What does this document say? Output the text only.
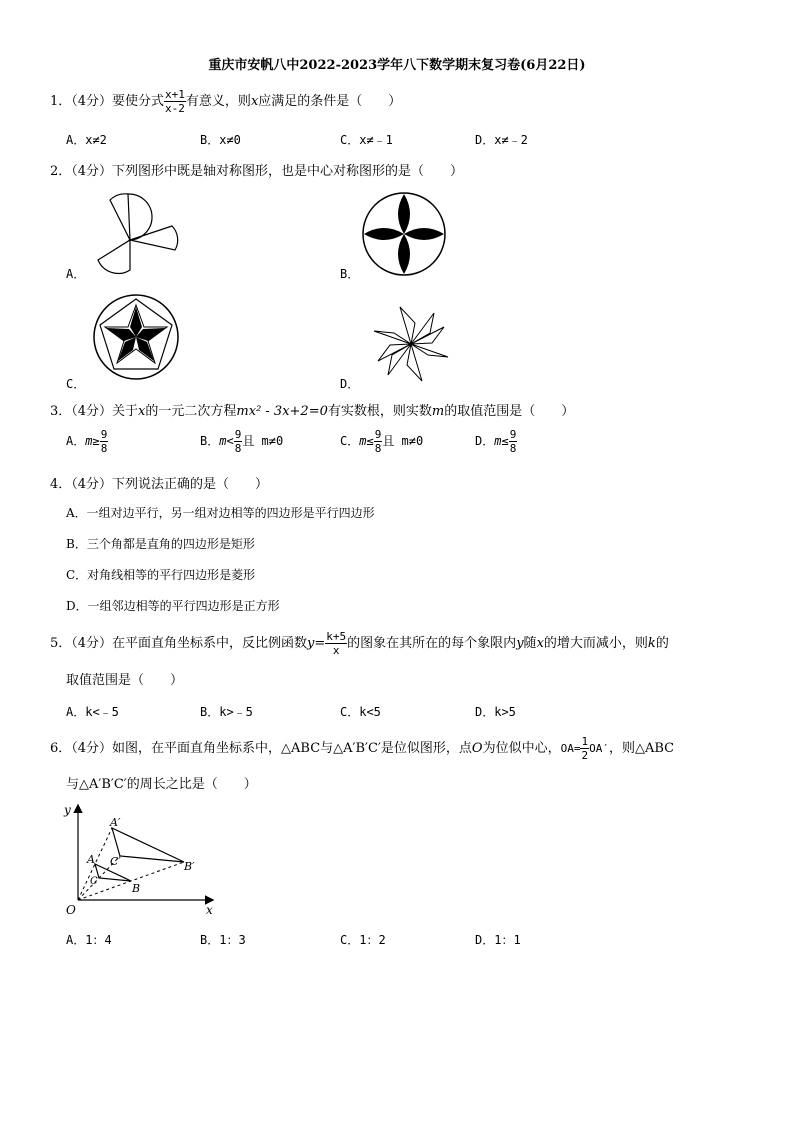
重庆市安帆八中2022-2023学年八下数学期末复习卷(6月22日)
1．（4分）要使分式 $\frac{x+1}{x-2}$ 有意义，则x应满足的条件是（　　）
A．x≠2	B．x≠0	C．x≠﹣1	D．x≠﹣2
2．（4分）下列图形中既是轴对称图形，也是中心对称图形的是（　　）
A．	B．
C．	D．
3．（4分）关于x的一元二次方程mx² - 3x+2=0有实数根，则实数m的取值范围是（　　）
A．$m\ge \frac{9}{8}$	B．$m< \frac{9}{8}$ 且 m≠0	C．$m\le \frac{9}{8}$ 且 m≠0	D．$m\le \frac{9}{8}$
4．（4分）下列说法正确的是（　　）
A．一组对边平行，另一组对边相等的四边形是平行四边形
B．三个角都是直角的四边形是矩形
C．对角线相等的平行四边形是菱形
D．一组邻边相等的平行四边形是正方形
5．（4分）在平面直角坐标系中，反比例函数$y= \frac{k+5}{x}$ 的图象在其所在的每个象限内y随x的增大而减小，则k的
取值范围是（　　）
A．k<﹣5	B．k>﹣5	C．k<5	D．k>5
6．（4分）如图，在平面直角坐标系中，△ABC与△A′B′C′是位似图形，点O为位似中心，$OA= \frac{1}{2} OA'$，则△ABC
与△A′B′C′的周长之比是（　　）
y
A′
A C′
C
B
B′
O	x
A．1：4	B．1：3	C．1：2	D．1：1
